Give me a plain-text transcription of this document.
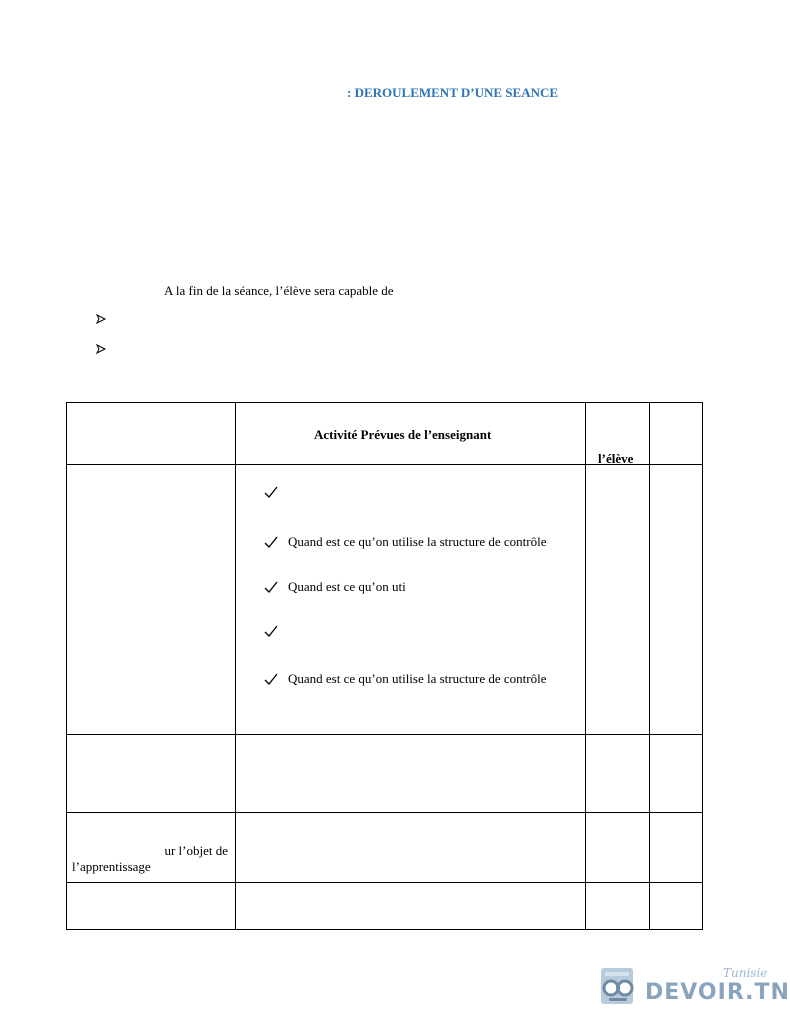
: DEROULEMENT D’UNE SEANCE
A la fin de la séance, l’élève sera capable de
Activité Prévues de l’enseignant
l’élève
Quand est ce qu’on utilise la structure de contrôle
Quand est ce qu’on uti
Quand est ce qu’on utilise la structure de contrôle
ur l’objet de
l’apprentissage
DEVOIR.TN
Tunisie
